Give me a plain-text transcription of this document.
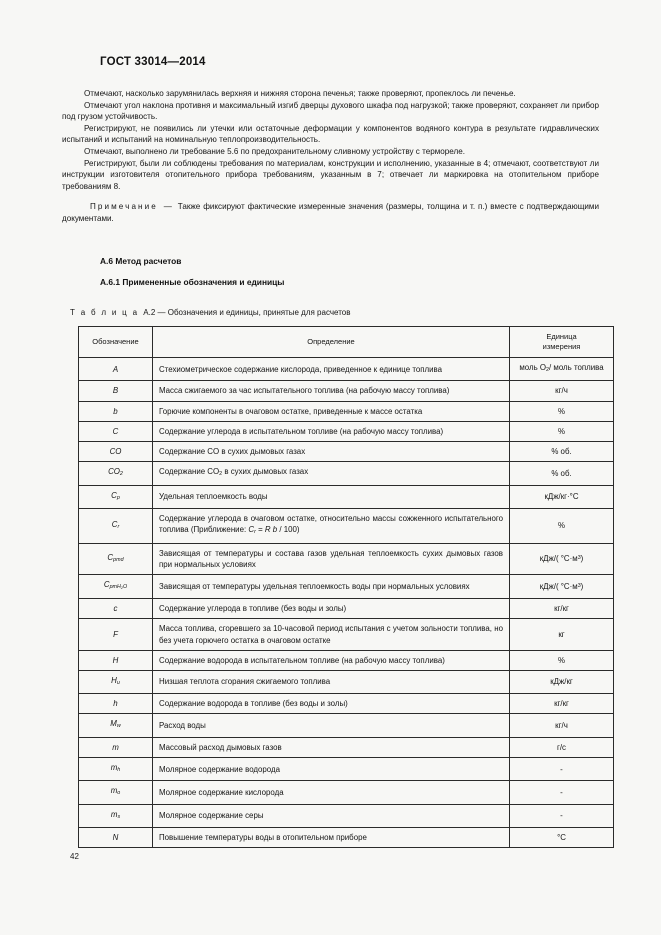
ГОСТ 33014—2014

Отмечают, насколько зарумянилась верхняя и нижняя сторона печенья; также проверяют, пропеклось ли печенье.

Отмечают угол наклона противня и максимальный изгиб дверцы духового шкафа под нагрузкой; также проверяют, сохраняет ли прибор под грузом устойчивость.

Регистрируют, не появились ли утечки или остаточные деформации у компонентов водяного контура в результате гидравлических испытаний и испытаний на номинальную теплопроизводительность.

Отмечают, выполнено ли требование 5.6 по предохранительному сливному устройству с термореле.

Регистрируют, были ли соблюдены требования по материалам, конструкции и исполнению, указанные в 4; отмечают, соответствуют ли инструкции изготовителя отопительного прибора требованиям, указанным в 7; отвечает ли маркировка на отопительном приборе требованиям 8.

Примечание — Также фиксируют фактические измеренные значения (размеры, толщина и т. п.) вместе с подтверждающими документами.

А.6 Метод расчетов
А.6.1 Примененные обозначения и единицы
Т а б л и ц а А.2 — Обозначения и единицы, принятые для расчетов
Обозначение	Определение	Единица
измерения
A	Стехиометрическое содержание кислорода, приведенное к единице топлива	моль $O_2/$ моль топлива
B	Масса сжигаемого за час испытательного топлива (на рабочую массу топлива)	кг/ч
b	Горючие компоненты в очаговом остатке, приведенные к массе остатка	%
C	Содержание углерода в испытательном топливе (на рабочую массу топлива)	%
CO	Содержание CO в сухих дымовых газах	% об.
$CO_2$	Содержание $CO_2$ в сухих дымовых газах	% об.
$C_p$	Удельная теплоемкость воды	кДж/кг·°С
$C_r$	Содержание углерода в очаговом остатке, относительно массы сожженного испытательного топлива (Приближение: $C_r = R$ b / 100)	%
$C_{pmd}$	Зависящая от температуры и состава газов удельная теплоемкость сухих дымовых газов при нормальных условиях	кДж/( $^\circ С\cdot м^3$)
$C_{pmH_2O}$	Зависящая от температуры удельная теплоемкость воды при нормальных условиях	кДж/( $^\circ С\cdot м^3$)
c	Содержание углерода в топливе (без воды и золы)	кг/кг
F	Масса топлива, сгоревшего за 10-часовой период испытания с учетом зольности топлива, но без учета горючего остатка в очаговом остатке	кг
H	Содержание водорода в испытательном топливе (на рабочую массу топлива)	%
$H_и$	Низшая теплота сгорания сжигаемого топлива	кДж/кг
h	Содержание водорода в топливе (без воды и золы)	кг/кг
$M_w$	Расход воды	кг/ч
m	Массовый расход дымовых газов	г/с
$m_h$	Молярное содержание водорода	-
$m_o$	Молярное содержание кислорода	-
$m_s$	Молярное содержание серы	-
N	Повышение температуры воды в отопительном приборе	°С
42
